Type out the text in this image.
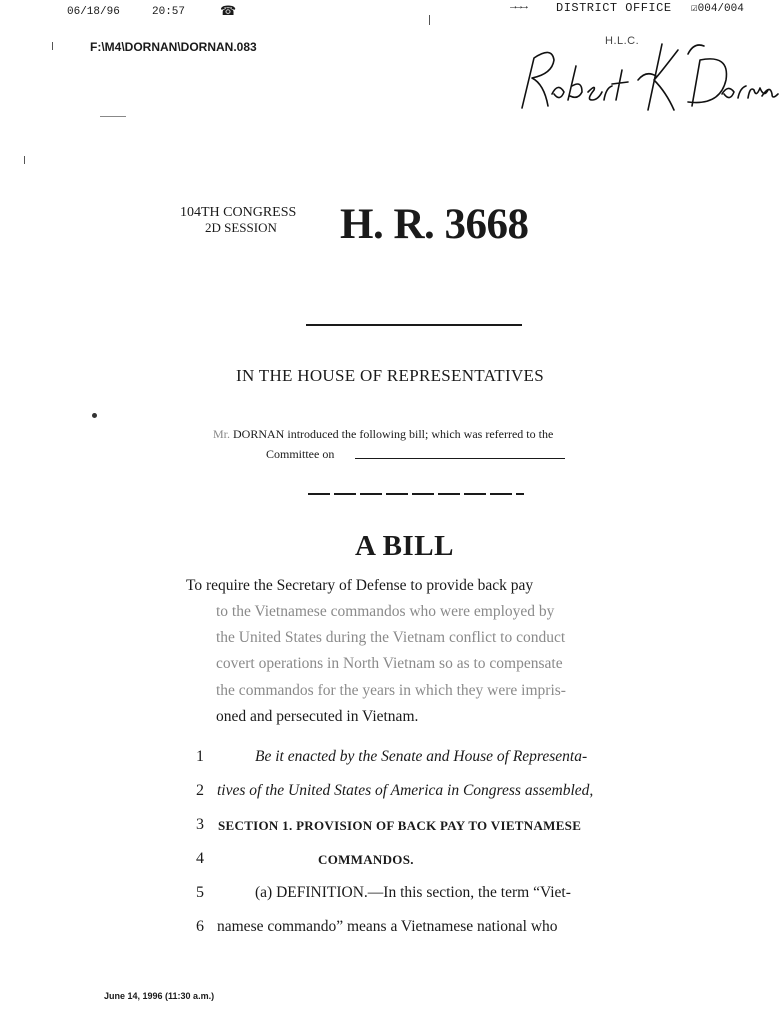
06/18/96	20:57	☎	→→→ DISTRICT OFFICE ☑004/004
F:\M4\DORNAN\DORNAN.083	H.L.C.
104TH CONGRESS
2D SESSION H. R. 3668
IN THE HOUSE OF REPRESENTATIVES
Mr. DORNAN introduced the following bill; which was referred to the
Committee on
A BILL
To require the Secretary of Defense to provide back pay
to the Vietnamese commandos who were employed by
the United States during the Vietnam conflict to conduct
covert operations in North Vietnam so as to compensate
the commandos for the years in which they were impris-
oned and persecuted in Vietnam.
1	Be it enacted by the Senate and House of Representa-
2 tives of the United States of America in Congress assembled,
3 SECTION 1. PROVISION OF BACK PAY TO VIETNAMESE
4	COMMANDOS.
5	(a) DEFINITION.—In this section, the term “Viet-
6 namese commando” means a Vietnamese national who
June 14, 1996 (11:30 a.m.)
